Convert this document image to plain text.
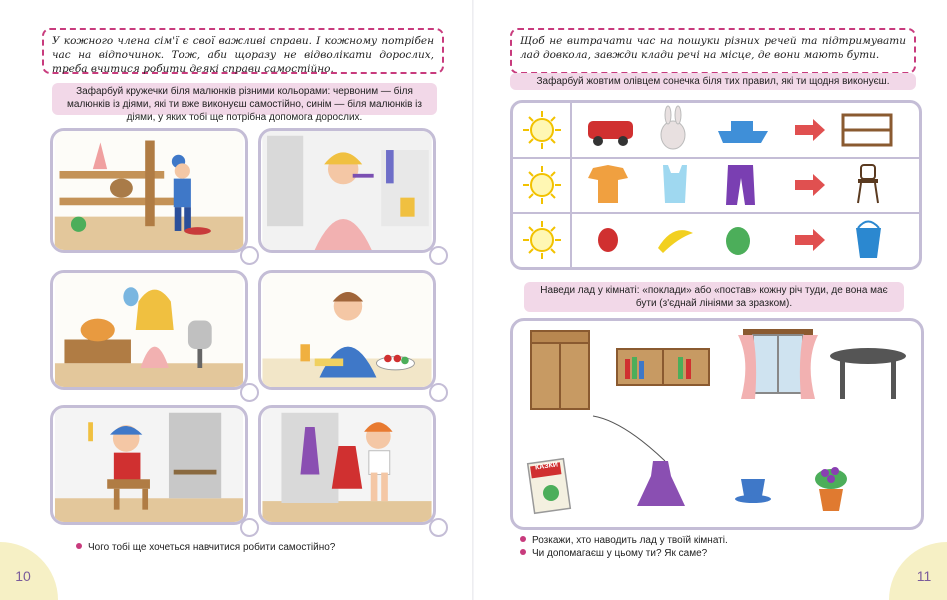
У кожного члена сім'ї є свої важливі справи. І кожному потрібен час на відпочинок. Тож, аби щоразу не відволікати дорослих, треба вчитися робити деякі справи самостійно.
Зафарбуй кружечки біля малюнків різними кольорами: червоним — біля малюнків із діями, які ти вже виконуєш самостійно, синім — біля малюнків із діями, у яких тобі ще потрібна допомога дорослих.
Чого тобі ще хочеться навчитися робити самостійно?
10
Щоб не витрачати час на пошуки різних речей та підтримувати лад довкола, завжди клади речі на місце, де вони мають бути.
Зафарбуй жовтим олівцем сонечка біля тих правил, які ти щодня виконуєш.
Наведи лад у кімнаті: «поклади» або «постав» кожну річ туди, де вона має бути (з'єднай лініями за зразком).
КАЗКИ
Розкажи, хто наводить лад у твоїй кімнаті.
Чи допомагаєш у цьому ти? Як саме?
11
